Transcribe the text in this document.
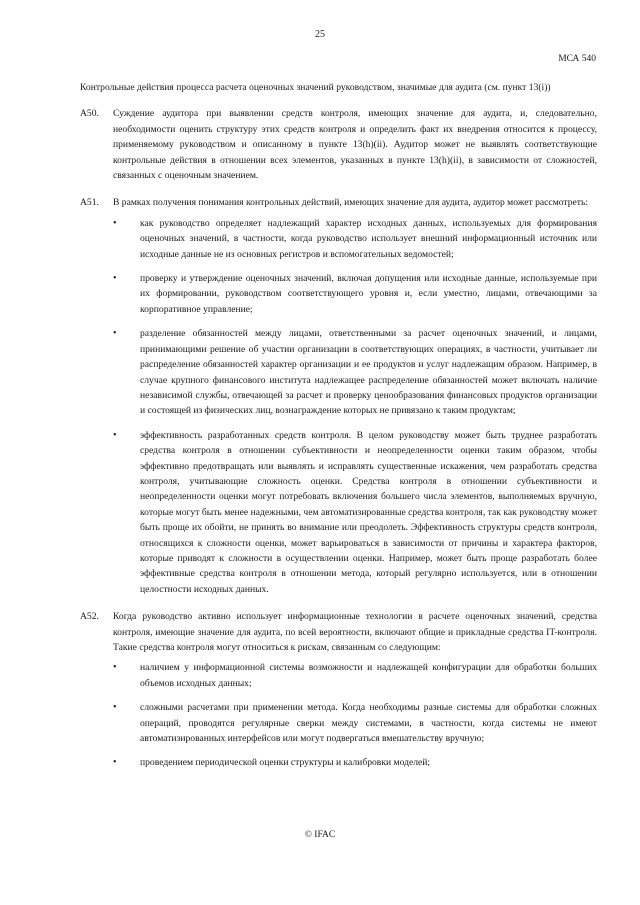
25
МСА 540

Контрольные действия процесса расчета оценочных значений руководством, значимые для аудита (см. пункт 13(i))

A50. Суждение аудитора при выявлении средств контроля, имеющих значение для аудита, и, следовательно, необходимости оценить структуру этих средств контроля и определить факт их внедрения относится к процессу, применяемому руководством и описанному в пункте 13(h)(ii). Аудитор может не выявлять соответствующие контрольные действия в отношении всех элементов, указанных в пункте 13(h)(ii), в зависимости от сложностей, связанных с оценочным значением.

A51. В рамках получения понимания контрольных действий, имеющих значение для аудита, аудитор может рассмотреть:

• как руководство определяет надлежащий характер исходных данных, используемых для формирования оценочных значений, в частности, когда руководство использует внешний информационный источник или исходные данные не из основных регистров и вспомогательных ведомостей;
• проверку и утверждение оценочных значений, включая допущения или исходные данные, используемые при их формировании, руководством соответствующего уровня и, если уместно, лицами, отвечающими за корпоративное управление;
• разделение обязанностей между лицами, ответственными за расчет оценочных значений, и лицами, принимающими решение об участии организации в соответствующих операциях, в частности, учитывает ли распределение обязанностей характер организации и ее продуктов и услуг надлежащим образом. Например, в случае крупного финансового института надлежащее распределение обязанностей может включать наличие независимой службы, отвечающей за расчет и проверку ценообразования финансовых продуктов организации и состоящей из физических лиц, вознаграждение которых не привязано к таким продуктам;
• эффективность разработанных средств контроля. В целом руководству может быть труднее разработать средства контроля в отношении субъективности и неопределенности оценки таким образом, чтобы эффективно предотвращать или выявлять и исправлять существенные искажения, чем разработать средства контроля, учитывающие сложность оценки. Средства контроля в отношении субъективности и неопределенности оценки могут потребовать включения большего числа элементов, выполняемых вручную, которые могут быть менее надежными, чем автоматизированные средства контроля, так как руководству может быть проще их обойти, не принять во внимание или преодолеть. Эффективность структуры средств контроля, относящихся к сложности оценки, может варьироваться в зависимости от причины и характера факторов, которые приводят к сложности в осуществлении оценки. Например, может быть проще разработать более эффективные средства контроля в отношении метода, который регулярно используется, или в отношении целостности исходных данных.
A52. Когда руководство активно использует информационные технологии в расчете оценочных значений, средства контроля, имеющие значение для аудита, по всей вероятности, включают общие и прикладные средства IT-контроля. Такие средства контроля могут относиться к рискам, связанным со следующим:

• наличием у информационной системы возможности и надлежащей конфигурации для обработки больших объемов исходных данных;
• сложными расчетами при применении метода. Когда необходимы разные системы для обработки сложных операций, проводятся регулярные сверки между системами, в частности, когда системы не имеют автоматизированных интерфейсов или могут подвергаться вмешательству вручную;
• проведением периодической оценки структуры и калибровки моделей;
© IFAC
